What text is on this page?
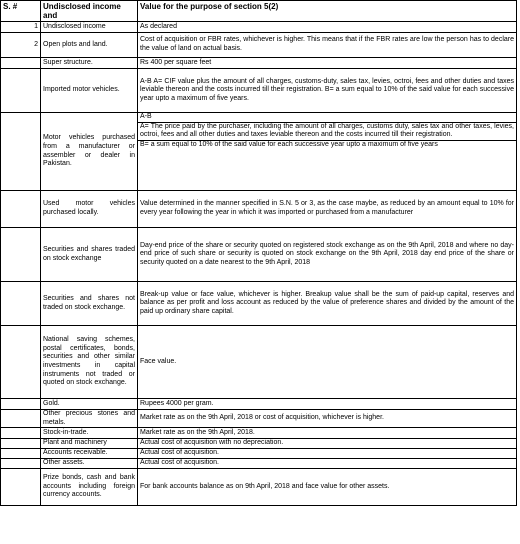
S. #	Undisclosed income and	Value for the purpose of section 5(2)
1	Undisclosed income	As declared
2	Open plots and land.	Cost of acquisition or FBR rates, whichever is higher. This means that if the FBR rates are low the person has to declare the value of land on actual basis.
	Super structure.	Rs 400 per square feet
	Imported motor vehicles.	A-B A= CIF value plus the amount of all charges, customs-duty, sales tax, levies, octroi, fees and other duties and taxes leviable thereon and the costs incurred till their registration. B= a sum equal to 10% of the said value for each successive year upto a maximum of five years.
	Motor vehicles purchased from a manufacturer or assembler or dealer in Pakistan.	A-B
A= The price paid by the purchaser, including the amount of all charges, customs duty, sales tax and other taxes, levies, octroi, fees and all other duties and taxes leviable thereon and the costs incurred till their registration.
B= a sum equal to 10% of the said value for each successive year upto a maximum of five years

	Used motor vehicles purchased locally.	Value determined in the manner specified in S.N. 5 or 3, as the case maybe, as reduced by an amount equal to 10% for every year following the year in which it was imported or purchased from a manufacturer
	Securities and shares traded on stock exchange	Day-end price of the share or security quoted on registered stock exchange as on the 9th April, 2018 and where no day-end price of such share or security is quoted on stock exchange on the 9th April, 2018 day end price of the share or security quoted on a date nearest to the 9th April, 2018
	Securities and shares not traded on stock exchange.	Break-up value or face value, whichever is higher. Breakup value shall be the sum of paid-up capital, reserves and balance as per profit and loss account as reduced by the value of preference shares and divided by the amount of the paid up ordinary share capital.
	National saving schemes, postal certificates, bonds, securities and other similar investments in capital instruments not traded or quoted on stock exchange.	Face value.
	Gold.	Rupees 4000 per gram.
	Other precious stones and metals.	Market rate as on the 9th April, 2018 or cost of acquisition, whichever is higher.
	Stock-in-trade.	Market rate as on the 9th April, 2018.
	Plant and machinery	Actual cost of acquisition with no depreciation.
	Accounts receivable.	Actual cost of acquisition.
	Other assets.	Actual cost of acquisition.
	Prize bonds, cash and bank accounts including foreign currency accounts.	For bank accounts balance as on 9th April, 2018 and face value for other assets.
